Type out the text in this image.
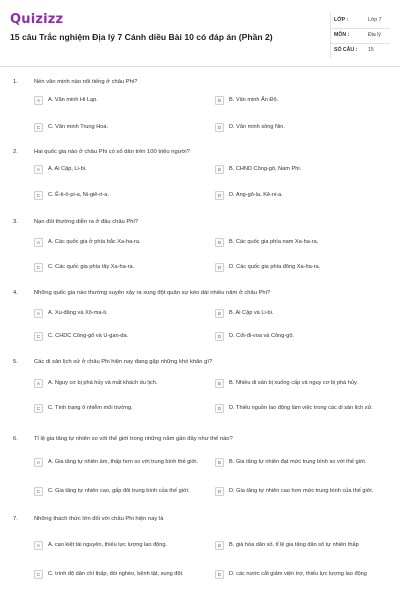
Quizizz
15 câu Trắc nghiệm Địa lý 7 Cánh diều Bài 10 có đáp án (Phần 2)
LỚP :	Lớp 7
MÔN :	Địa lý
SỐ CÂU : 15
1.	Nền văn minh nào nổi tiếng ở châu Phi?
A	A. Văn minh Hi Lạp.	B	B. Văn minh Ấn Độ.
C	C. Văn minh Trung Hoa.	D	D. Văn minh sông Nin.
2.	Hai quốc gia nào ở châu Phi có số dân trên 100 triệu người?
A	A. Ai Cập, Li-bi.	B	B. CHND Công-gô, Nam Phi.
C	C. Ê-ti-ô-pi-a, Ni-giê-ri-a.	D	D. Ang-gô-la, Kê-ni-a.
3.	Nạn đói thường diễn ra ở đâu châu Phi?
A	A. Các quốc gia ở phía bắc Xa-ha-ra.	B	B. Các quốc gia phía nam Xa-ha-ra.
C	C. Các quốc gia phía tây Xa-ha-ra.	D	D. Các quốc gia phía đông Xa-ha-ra.
4.	Những quốc gia nào thường xuyên xảy ra xung đột quân sự kéo dài nhiều năm ở châu Phi?
A	A. Xu-đăng và Xô-ma-li.	B	B. Ai Cập và Li-bi.
C	C. CHDC Công-gô và U-gan-da.	D	D. Cốt-đi-voa và Công-gô.
5.	Các di sản lịch sử ở châu Phi hiện nay đang gặp những khó khăn gì?
A	A. Nguy cơ bị phá hủy và mất khách du lịch.	B	B. Nhiều di sản bị xuống cấp và nguy cơ bị phá hủy.
C	C. Tình trạng ô nhiễm môi trường.	D	D. Thiếu nguồn lao động làm việc trong các di sản lịch sử.
6.	Tỉ lệ gia tăng tự nhiên so với thế giới trong những năm gần đây như thế nào?
A	A. Gia tăng tự nhiên âm, thấp hơn so với trung bình thế giới.	B	B. Gia tăng tự nhiên đạt mức trung bình so với thế giới.
C	C. Gia tăng tự nhiên cao, gấp đôi trung bình của thế giới.	D	D. Gia tăng tự nhiên cao hơn mức trung bình của thế giới.
7.	Những thách thức lớn đối với châu Phi hiện nay là
A	A. cạn kiệt tài nguyên, thiếu lực lượng lao động.	B	B. già hóa dân số, tỉ lệ gia tăng dân số tự nhiên thấp
C	C. trình độ dân chí thấp, đói nghèo, bệnh tật, xung đột.	D	D. các nước cắt giảm viện trợ, thiếu lực lượng lao động
